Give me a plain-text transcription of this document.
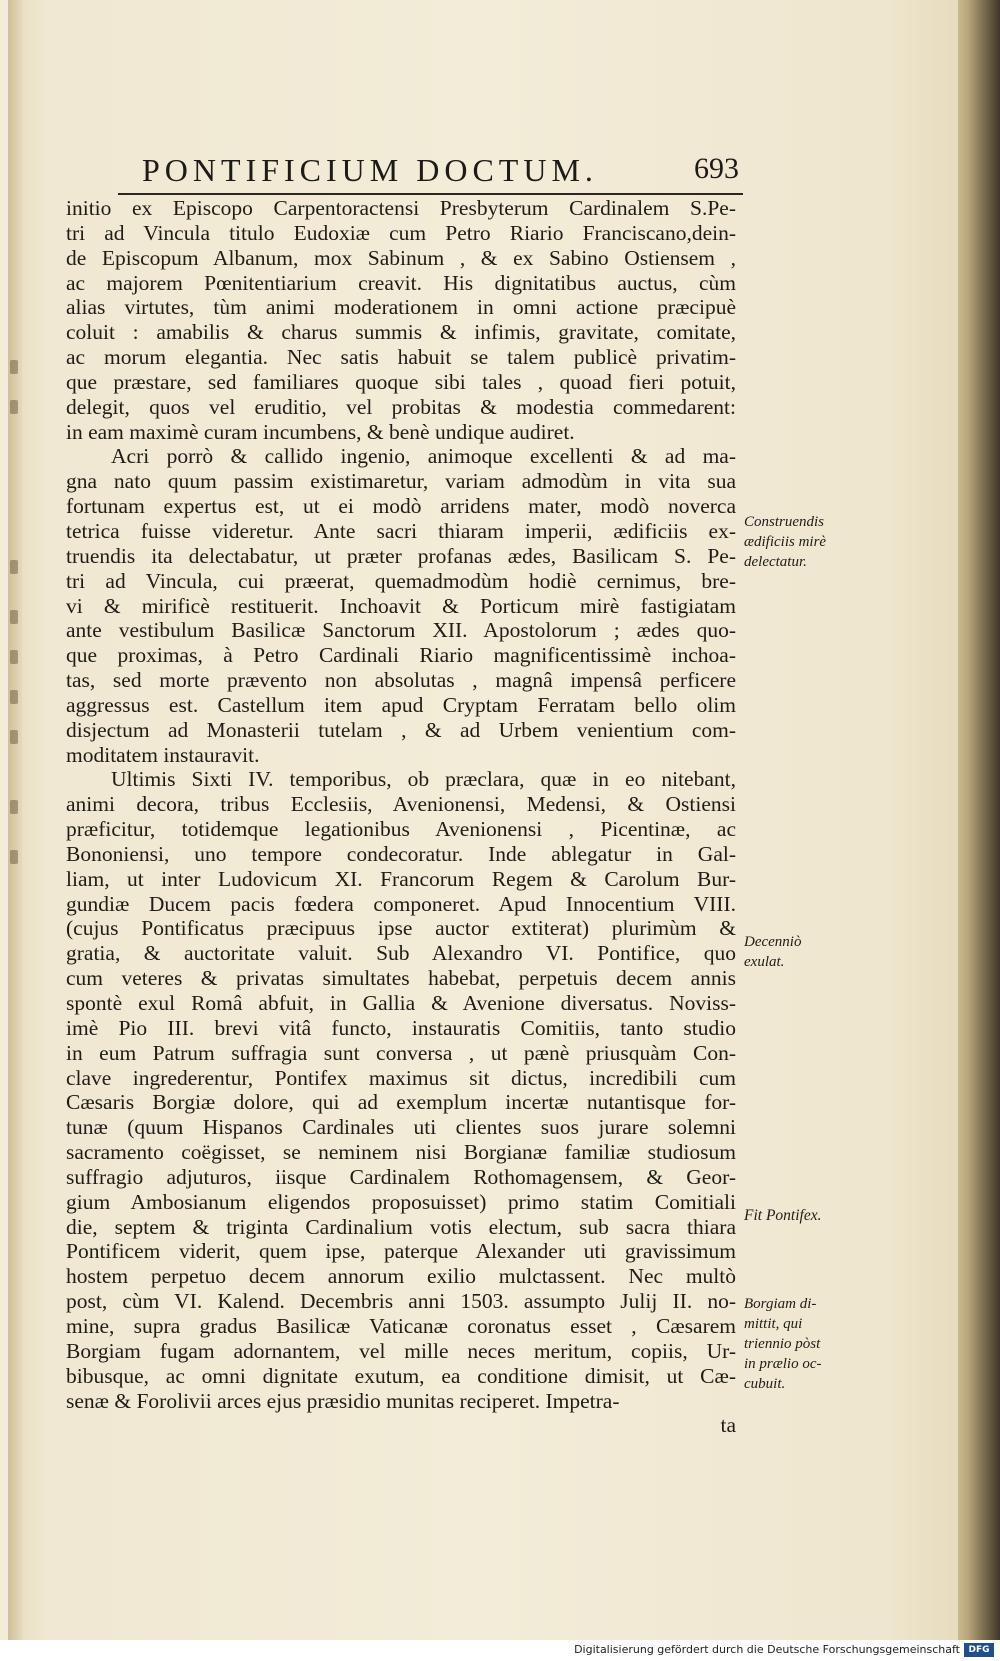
PONTIFICIUM DOCTUM.	693
initio ex Episcopo Carpentoractensi Presbyterum Cardinalem S.Pe-
tri ad Vincula titulo Eudoxiæ cum Petro Riario Franciscano,dein-
de Episcopum Albanum, mox Sabinum , & ex Sabino Ostiensem ,
ac majorem Pœnitentiarium creavit. His dignitatibus auctus, cùm
alias virtutes, tùm animi moderationem in omni actione præcipuè
coluit : amabilis & charus summis & infimis, gravitate, comitate,
ac morum elegantia. Nec satis habuit se talem publicè privatim-
que præstare, sed familiares quoque sibi tales , quoad fieri potuit,
delegit, quos vel eruditio, vel probitas & modestia commedarent:
in eam maximè curam incumbens, & benè undique audiret.
Acri porrò & callido ingenio, animoque excellenti & ad ma-
gna nato quum passim existimaretur, variam admodùm in vita sua
fortunam expertus est, ut ei modò arridens mater, modò noverca
tetrica fuisse videretur. Ante sacri thiaram imperii, ædificiis ex-
truendis ita delectabatur, ut præter profanas ædes, Basilicam S. Pe-
tri ad Vincula, cui præerat, quemadmodùm hodiè cernimus, bre-
vi & mirificè restituerit. Inchoavit & Porticum mirè fastigiatam
ante vestibulum Basilicæ Sanctorum XII. Apostolorum ; ædes quo-
que proximas, à Petro Cardinali Riario magnificentissimè inchoa-
tas, sed morte prævento non absolutas , magnâ impensâ perficere
aggressus est. Castellum item apud Cryptam Ferratam bello olim
disjectum ad Monasterii tutelam , & ad Urbem venientium com-
moditatem instauravit.
Ultimis Sixti IV. temporibus, ob præclara, quæ in eo nitebant,
animi decora, tribus Ecclesiis, Avenionensi, Medensi, & Ostiensi
præficitur, totidemque legationibus Avenionensi , Picentinæ, ac
Bononiensi, uno tempore condecoratur. Inde ablegatur in Gal-
liam, ut inter Ludovicum XI. Francorum Regem & Carolum Bur-
gundiæ Ducem pacis fœdera componeret. Apud Innocentium VIII.
(cujus Pontificatus præcipuus ipse auctor extiterat) plurimùm &
gratia, & auctoritate valuit. Sub Alexandro VI. Pontifice, quo
cum veteres & privatas simultates habebat, perpetuis decem annis
spontè exul Româ abfuit, in Gallia & Avenione diversatus. Noviss-
imè Pio III. brevi vitâ functo, instauratis Comitiis, tanto studio
in eum Patrum suffragia sunt conversa , ut pænè priusquàm Con-
clave ingrederentur, Pontifex maximus sit dictus, incredibili cum
Cæsaris Borgiæ dolore, qui ad exemplum incertæ nutantisque for-
tunæ (quum Hispanos Cardinales uti clientes suos jurare solemni
sacramento coëgisset, se neminem nisi Borgianæ familiæ studiosum
suffragio adjuturos, iisque Cardinalem Rothomagensem, & Geor-
gium Ambosianum eligendos proposuisset) primo statim Comitiali
die, septem & triginta Cardinalium votis electum, sub sacra thiara
Pontificem viderit, quem ipse, paterque Alexander uti gravissimum
hostem perpetuo decem annorum exilio mulctassent. Nec multò
post, cùm VI. Kalend. Decembris anni 1503. assumpto Julij II. no-
mine, supra gradus Basilicæ Vaticanæ coronatus esset , Cæsarem
Borgiam fugam adornantem, vel mille neces meritum, copiis, Ur-
bibusque, ac omni dignitate exutum, ea conditione dimisit, ut Cæ-
senæ & Forolivii arces ejus præsidio munitas reciperet. Impetra-
ta
Construendis
ædificiis mirè
delectatur.
Decenniò
exulat.
Fit Pontifex.
Borgiam di-
mittit, qui
triennio pòst
in prælio oc-
cubuit.
Digitalisierung gefördert durch die Deutsche Forschungsgemeinschaft DFG
